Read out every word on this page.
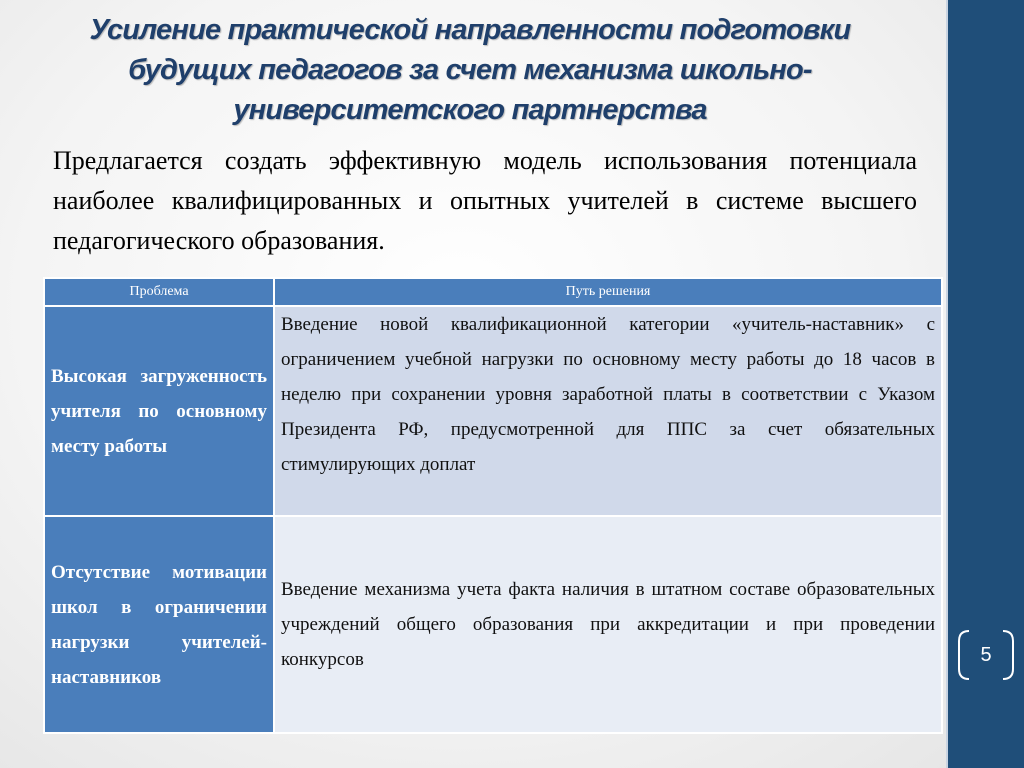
Усиление практической направленности подготовки будущих педагогов за счет механизма школьно-университетского партнерства
Предлагается создать эффективную модель использования потенциала наиболее квалифицированных и опытных учителей в системе высшего педагогического образования.
Проблема	Путь решения
Высокая загруженность учителя по основному месту работы	Введение новой квалификационной категории «учитель-наставник» с ограничением учебной нагрузки по основному месту работы до 18 часов в неделю при сохранении уровня заработной платы в соответствии с Указом Президента РФ, предусмотренной для ППС за счет обязательных стимулирующих доплат
Отсутствие мотивации школ в ограничении нагрузки учителей-наставников	Введение механизма учета факта наличия в штатном составе образовательных учреждений общего образования при аккредитации и при проведении конкурсов	5
